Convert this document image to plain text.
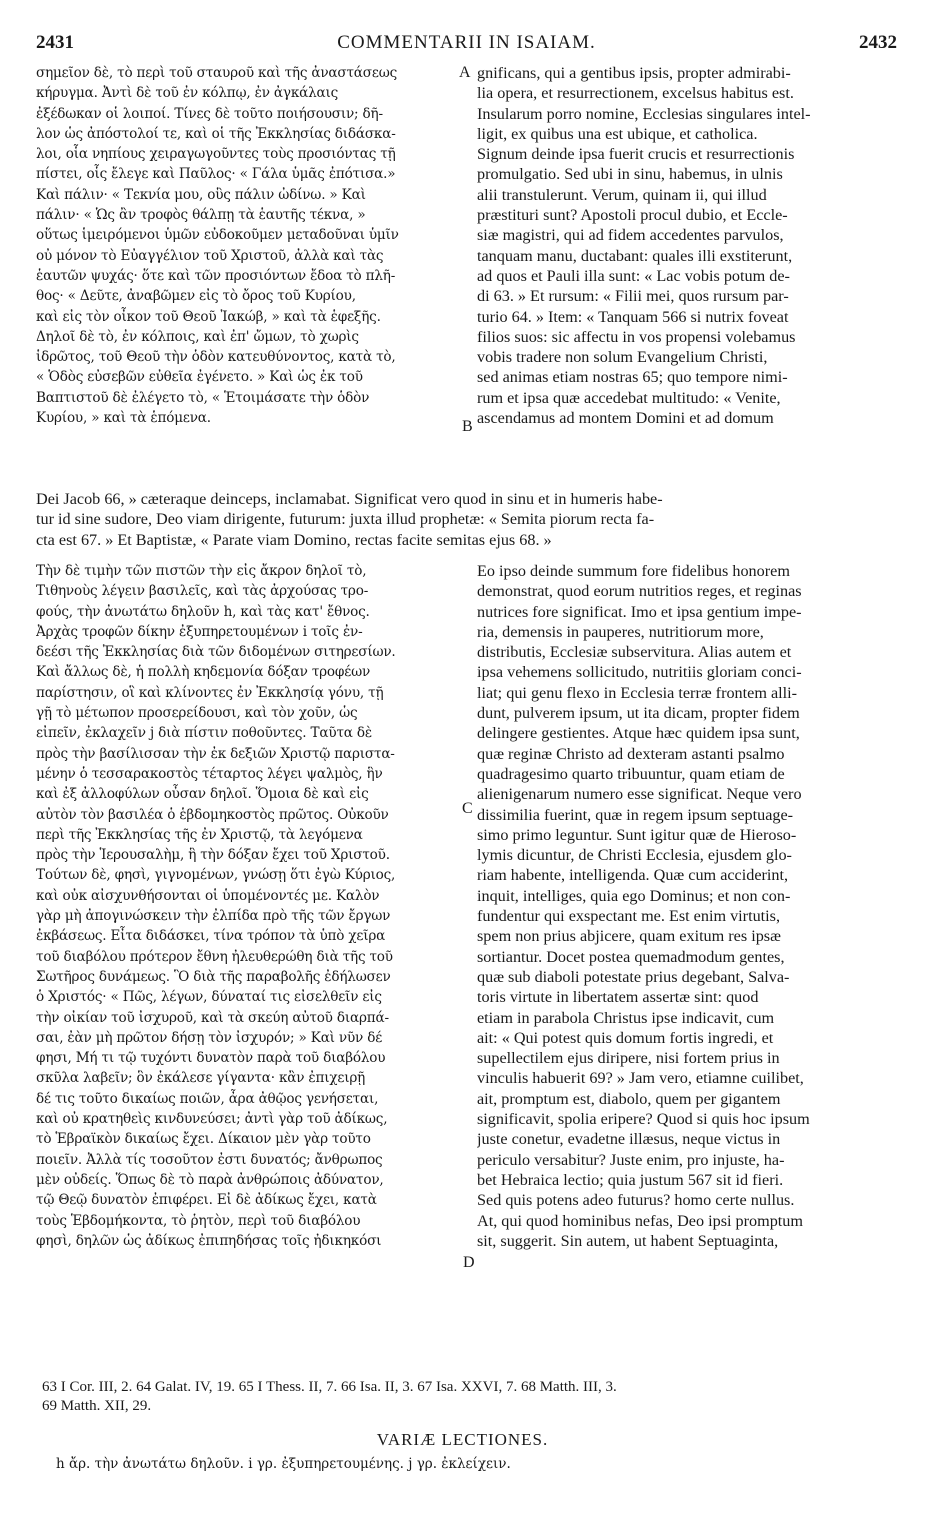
2431	COMMENTARII IN ISAIAM.	2432
σημεῖον δὲ, τὸ περὶ τοῦ σταυροῦ καὶ τῆς ἀναστάσεως
κήρυγμα. Ἀντὶ δὲ τοῦ ἐν κόλπῳ, ἐν ἀγκάλαις
ἐξέδωκαν οἱ λοιποί. Τίνες δὲ τοῦτο ποιήσουσιν; δῆ-
λον ὡς ἀπόστολοί τε, καὶ οἱ τῆς Ἐκκλησίας διδάσκα-
λοι, οἷα νηπίους χειραγωγοῦντες τοὺς προσιόντας τῇ
πίστει, οἷς ἔλεγε καὶ Παῦλος· « Γάλα ὑμᾶς ἐπότισα.»
Καὶ πάλιν· « Τεκνία μου, οὓς πάλιν ὠδίνω. » Καὶ
πάλιν· « Ὡς ἂν τροφὸς θάλπῃ τὰ ἑαυτῆς τέκνα, »
οὕτως ἱμειρόμενοι ὑμῶν εὐδοκοῦμεν μεταδοῦναι ὑμῖν
οὐ μόνον τὸ Εὐαγγέλιον τοῦ Χριστοῦ, ἀλλὰ καὶ τὰς
ἑαυτῶν ψυχάς· ὅτε καὶ τῶν προσιόντων ἔδοα τὸ πλῆ-
θος· « Δεῦτε, ἀναβῶμεν εἰς τὸ ὄρος τοῦ Κυρίου,
καὶ εἰς τὸν οἶκον τοῦ Θεοῦ Ἰακώβ, » καὶ τὰ ἑφεξῆς.
Δηλοῖ δὲ τὸ, ἐν κόλποις, καὶ ἐπ' ὤμων, τὸ χωρὶς
ἱδρῶτος, τοῦ Θεοῦ τὴν ὁδὸν κατευθύνοντος, κατὰ τὸ,
« Ὁδὸς εὐσεβῶν εὐθεῖα ἐγένετο. » Καὶ ὡς ἐκ τοῦ
Βαπτιστοῦ δὲ ἐλέγετο τὸ, « Ἑτοιμάσατε τὴν ὁδὸν
Κυρίου, » καὶ τὰ ἑπόμενα.
gnificans, qui a gentibus ipsis, propter admirabi-
lia opera, et resurrectionem, excelsus habitus est.
Insularum porro nomine, Ecclesias singulares intel-
ligit, ex quibus una est ubique, et catholica.
Signum deinde ipsa fuerit crucis et resurrectionis
promulgatio. Sed ubi in sinu, habemus, in ulnis
alii transtulerunt. Verum, quinam ii, qui illud
præstituri sunt? Apostoli procul dubio, et Eccle-
siæ magistri, qui ad fidem accedentes parvulos,
tanquam manu, ductabant: quales illi exstiterunt,
ad quos et Pauli illa sunt: « Lac vobis potum de-
di 63. » Et rursum: « Filii mei, quos rursum par-
turio 64. » Item: « Tanquam 566 si nutrix foveat
filios suos: sic affectu in vos propensi volebamus
vobis tradere non solum Evangelium Christi,
sed animas etiam nostras 65; quo tempore nimi-
rum et ipsa quæ accedebat multitudo: « Venite,
ascendamus ad montem Domini et ad domum
A
B
Dei Jacob 66, » cæteraque deinceps, inclamabat. Significat vero quod in sinu et in humeris habe-
tur id sine sudore, Deo viam dirigente, futurum: juxta illud prophetæ: « Semita piorum recta fa-
cta est 67. » Et Baptistæ, « Parate viam Domino, rectas facite semitas ejus 68. »
Τὴν δὲ τιμὴν τῶν πιστῶν τὴν εἰς ἄκρον δηλοῖ τὸ,
Τιθηνοὺς λέγειν βασιλεῖς, καὶ τὰς ἀρχούσας τρο-
φούς, τὴν ἀνωτάτω δηλοῦν h, καὶ τὰς κατ' ἔθνος.
Ἀρχὰς τροφῶν δίκην ἐξυπηρετουμένων i τοῖς ἐν-
δεέσι τῆς Ἐκκλησίας διὰ τῶν διδομένων σιτηρεσίων.
Καὶ ἄλλως δὲ, ἡ πολλὴ κηδεμονία δόξαν τροφέων
παρίστησιν, οἳ καὶ κλίνοντες ἐν Ἐκκλησίᾳ γόνυ, τῇ
γῇ τὸ μέτωπον προσερείδουσι, καὶ τὸν χοῦν, ὡς
εἰπεῖν, ἐκλαχεῖν j διὰ πίστιν ποθοῦντες. Ταῦτα δὲ
πρὸς τὴν βασίλισσαν τὴν ἐκ δεξιῶν Χριστῷ παριστα-
μένην ὁ τεσσαρακοστὸς τέταρτος λέγει ψαλμὸς, ἣν
καὶ ἐξ ἀλλοφύλων οὖσαν δηλοῖ. Ὅμοια δὲ καὶ εἰς
αὐτὸν τὸν βασιλέα ὁ ἑβδομηκοστὸς πρῶτος. Οὐκοῦν
περὶ τῆς Ἐκκλησίας τῆς ἐν Χριστῷ, τὰ λεγόμενα
πρὸς τὴν Ἱερουσαλὴμ, ἣ τὴν δόξαν ἔχει τοῦ Χριστοῦ.
Τούτων δὲ, φησὶ, γιγνομένων, γνώσῃ ὅτι ἐγὼ Κύριος,
καὶ οὐκ αἰσχυνθήσονται οἱ ὑπομένοντές με. Καλὸν
γὰρ μὴ ἀπογινώσκειν τὴν ἐλπίδα πρὸ τῆς τῶν ἔργων
ἐκβάσεως. Εἶτα διδάσκει, τίνα τρόπον τὰ ὑπὸ χεῖρα
τοῦ διαβόλου πρότερον ἔθνη ἠλευθερώθη διὰ τῆς τοῦ
Σωτῆρος δυνάμεως. Ὃ διὰ τῆς παραβολῆς ἐδήλωσεν
ὁ Χριστός· « Πῶς, λέγων, δύναταί τις εἰσελθεῖν εἰς
τὴν οἰκίαν τοῦ ἰσχυροῦ, καὶ τὰ σκεύη αὐτοῦ διαρπά-
σαι, ἐὰν μὴ πρῶτον δήσῃ τὸν ἰσχυρόν; » Καὶ νῦν δέ
φησι, Μή τι τῷ τυχόντι δυνατὸν παρὰ τοῦ διαβόλου
σκῦλα λαβεῖν; ὃν ἐκάλεσε γίγαντα· κἂν ἐπιχειρῇ
δέ τις τοῦτο δικαίως ποιῶν, ἆρα ἀθῷος γενήσεται,
καὶ οὐ κρατηθεὶς κινδυνεύσει; ἀντὶ γὰρ τοῦ ἀδίκως,
τὸ Ἑβραϊκὸν δικαίως ἔχει. Δίκαιον μὲν γὰρ τοῦτο
ποιεῖν. Ἀλλὰ τίς τοσοῦτον ἐστι δυνατός; ἄνθρωπος
μὲν οὐδείς. Ὅπως δὲ τὸ παρὰ ἀνθρώποις ἀδύνατον,
τῷ Θεῷ δυνατὸν ἐπιφέρει. Εἰ δὲ ἀδίκως ἔχει, κατὰ
τοὺς Ἑβδομήκοντα, τὸ ῥητὸν, περὶ τοῦ διαβόλου
φησὶ, δηλῶν ὡς ἀδίκως ἐπιπηδήσας τοῖς ἠδικηκόσι
Eo ipso deinde summum fore fidelibus honorem
demonstrat, quod eorum nutritios reges, et reginas
nutrices fore significat. Imo et ipsa gentium impe-
ria, demensis in pauperes, nutritiorum more,
distributis, Ecclesiæ subservitura. Alias autem et
ipsa vehemens sollicitudo, nutritiis gloriam conci-
liat; qui genu flexo in Ecclesia terræ frontem alli-
dunt, pulverem ipsum, ut ita dicam, propter fidem
delingere gestientes. Atque hæc quidem ipsa sunt,
quæ reginæ Christo ad dexteram astanti psalmo
quadragesimo quarto tribuuntur, quam etiam de
alienigenarum numero esse significat. Neque vero
dissimilia fuerint, quæ in regem ipsum septuage-
simo primo leguntur. Sunt igitur quæ de Hieroso-
lymis dicuntur, de Christi Ecclesia, ejusdem glo-
riam habente, intelligenda. Quæ cum acciderint,
inquit, intelliges, quia ego Dominus; et non con-
fundentur qui exspectant me. Est enim virtutis,
spem non prius abjicere, quam exitum res ipsæ
sortiantur. Docet postea quemadmodum gentes,
quæ sub diaboli potestate prius degebant, Salva-
toris virtute in libertatem assertæ sint: quod
etiam in parabola Christus ipse indicavit, cum
ait: « Qui potest quis domum fortis ingredi, et
supellectilem ejus diripere, nisi fortem prius in
vinculis habuerit 69? » Jam vero, etiamne cuilibet,
ait, promptum est, diabolo, quem per gigantem
significavit, spolia eripere? Quod si quis hoc ipsum
juste conetur, evadetne illæsus, neque victus in
periculo versabitur? Juste enim, pro injuste, ha-
bet Hebraica lectio; quia justum 567 sit id fieri.
Sed quis potens adeo futurus? homo certe nullus.
At, qui quod hominibus nefas, Deo ipsi promptum
sit, suggerit. Sin autem, ut habent Septuaginta,
C
D
63 I Cor. III, 2. 64 Galat. IV, 19. 65 I Thess. II, 7. 66 Isa. II, 3. 67 Isa. XXVI, 7. 68 Matth. III, 3.
69 Matth. XII, 29.
VARIÆ LECTIONES.
h ἄρ. τὴν ἀνωτάτω δηλοῦν. i γρ. ἐξυπηρετουμένης. j γρ. ἐκλείχειν.
